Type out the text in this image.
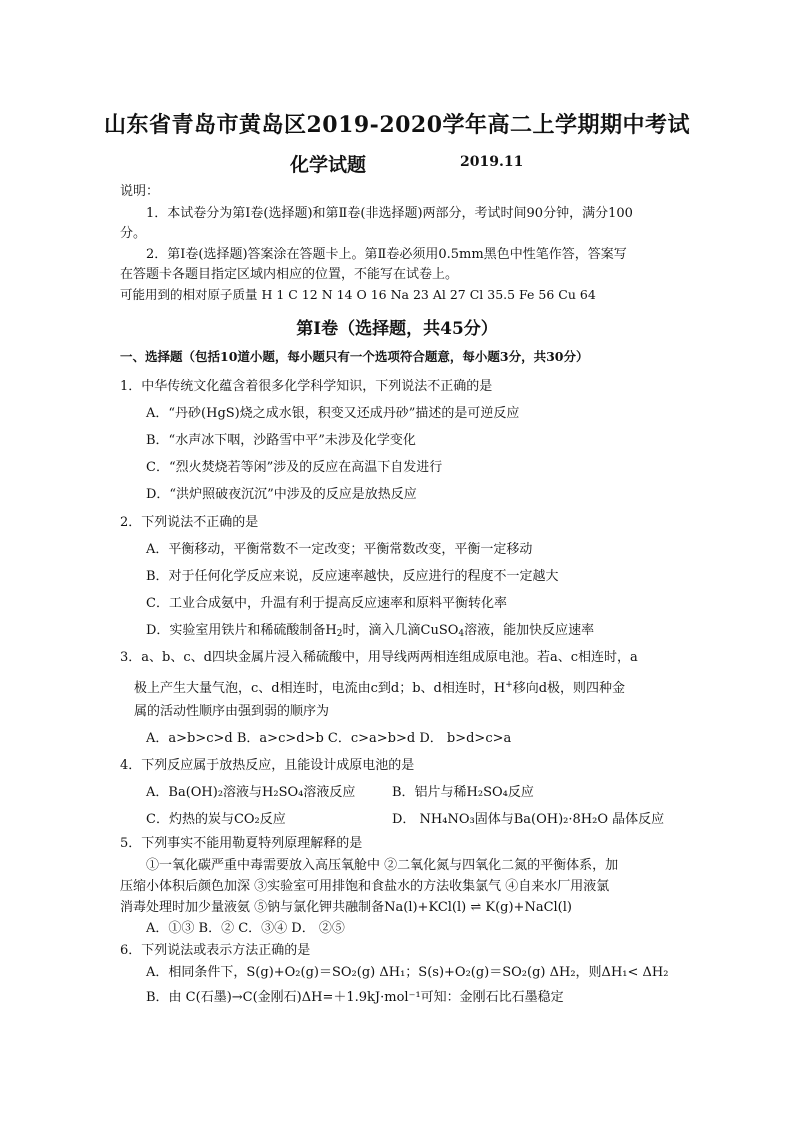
山东省青岛市黄岛区2019-2020学年高二上学期期中考试
化学试题	2019.11
说明：
1．本试卷分为第Ⅰ卷(选择题)和第Ⅱ卷(非选择题)两部分，考试时间90分钟，满分100
分。
2．第Ⅰ卷(选择题)答案涂在答题卡上。第Ⅱ卷必须用0.5mm黑色中性笔作答，答案写
在答题卡各题目指定区域内相应的位置，不能写在试卷上。
可能用到的相对原子质量 H 1 C 12 N 14 O 16 Na 23 Al 27 Cl 35.5 Fe 56 Cu 64
第Ⅰ卷（选择题，共45分）
一、选择题（包括10道小题，每小题只有一个选项符合题意，每小题3分，共30分）
1．中华传统文化蕴含着很多化学科学知识，下列说法不正确的是
A．“丹砂(HgS)烧之成水银，积变又还成丹砂”描述的是可逆反应
B．“水声冰下咽，沙路雪中平”未涉及化学变化
C．“烈火焚烧若等闲”涉及的反应在高温下自发进行
D．“洪炉照破夜沉沉”中涉及的反应是放热反应
2．下列说法不正确的是
A．平衡移动，平衡常数不一定改变；平衡常数改变，平衡一定移动
B．对于任何化学反应来说，反应速率越快，反应进行的程度不一定越大
C．工业合成氨中，升温有利于提高反应速率和原料平衡转化率
D．实验室用铁片和稀硫酸制备$H_2$时，滴入几滴CuSO$_4$溶液，能加快反应速率
3．a、b、c、d四块金属片浸入稀硫酸中，用导线两两相连组成原电池。若a、c相连时，a
极上产生大量气泡，c、d相连时，电流由c到d；b、d相连时，H+移向d极，则四种金
属的活动性顺序由强到弱的顺序为
A．a>b>c>d B．a>c>d>b C．c>a>b>d D． b>d>c>a
4．下列反应属于放热反应，且能设计成原电池的是
A．Ba(OH)₂溶液与H₂SO₄溶液反应	B．铝片与稀H₂SO₄反应
C．灼热的炭与CO₂反应	D． NH₄NO₃固体与Ba(OH)₂·8H₂O 晶体反应
5．下列事实不能用勒夏特列原理解释的是
①一氧化碳严重中毒需要放入高压氧舱中 ②二氧化氮与四氧化二氮的平衡体系，加
压缩小体积后颜色加深 ③实验室可用排饱和食盐水的方法收集氯气 ④自来水厂用液氯
消毒处理时加少量液氨 ⑤钠与氯化钾共融制备Na(l)+KCl(l) ⇌ K(g)+NaCl(l)
A．①③ B．② C．③④ D． ②⑤
6．下列说法或表示方法正确的是
A．相同条件下，S(g)+O₂(g)＝SO₂(g) ΔH₁；S(s)+O₂(g)＝SO₂(g) ΔH₂，则ΔH₁< ΔH₂
B．由 C(石墨)→C(金刚石)ΔH=＋1.9kJ·mol⁻¹可知：金刚石比石墨稳定
